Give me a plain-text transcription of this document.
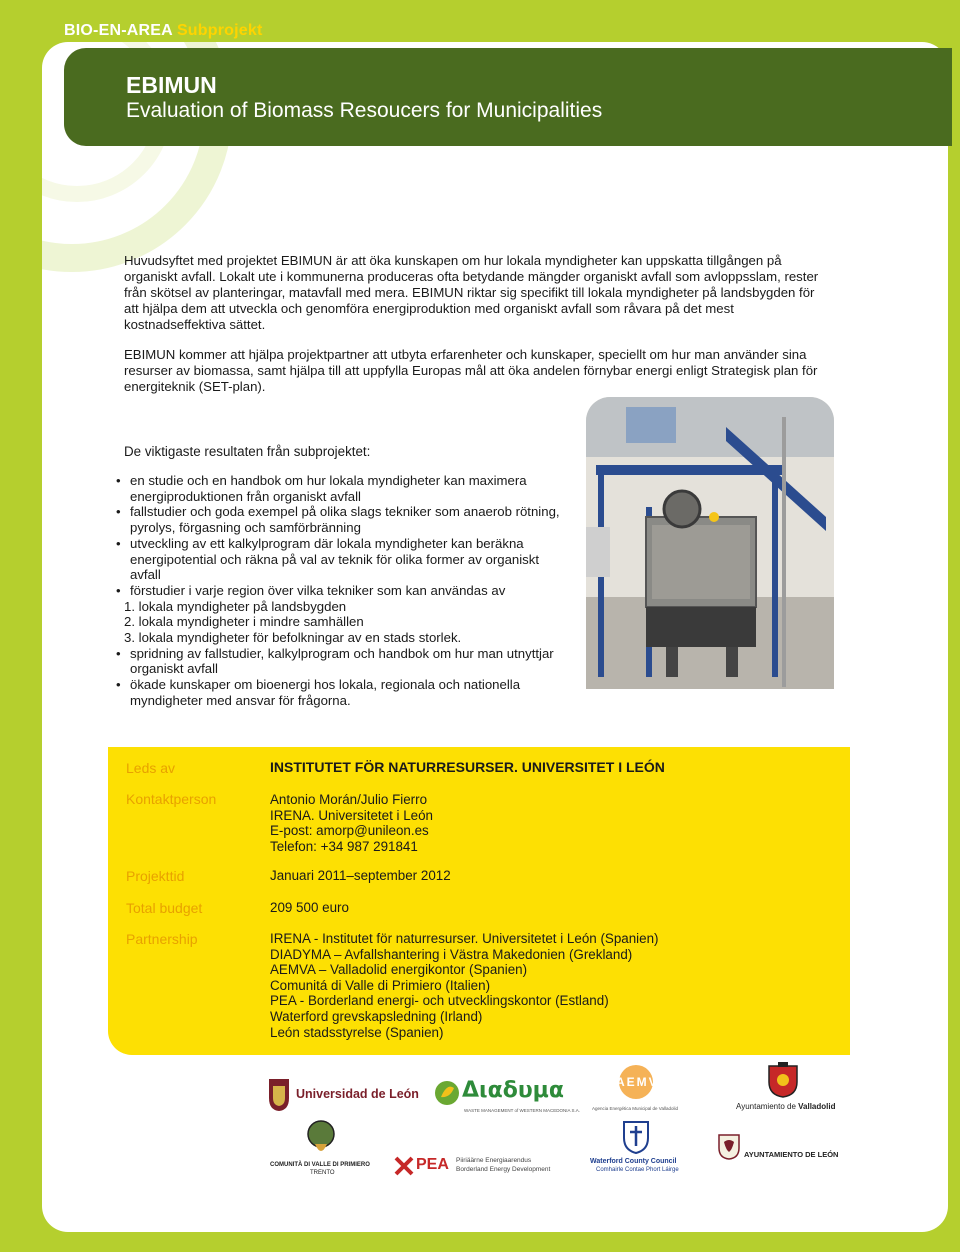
BIO-EN-AREA Subprojekt
EBIMUN
Evaluation of Biomass Resoucers for Municipalities

Huvudsyftet med projektet EBIMUN är att öka kunskapen om hur lokala myndigheter kan uppskatta tillgången på organiskt avfall. Lokalt ute i kommunerna produceras ofta betydande mängder organiskt avfall som avloppsslam, rester från skötsel av planteringar, matavfall med mera. EBIMUN riktar sig specifikt till lokala myndigheter på landsbygden för att hjälpa dem att utveckla och genomföra energiproduktion med organiskt avfall som råvara på det mest kostnadseffektiva sättet.

EBIMUN kommer att hjälpa projektpartner att utbyta erfarenheter och kunskaper, speciellt om hur man använder sina resurser av biomassa, samt hjälpa till att uppfylla Europas mål att öka andelen förnybar energi enligt Strategisk plan för energiteknik (SET-plan).

De viktigaste resultaten från subprojektet:
• en studie och en handbok om hur lokala myndigheter kan maximera energiproduktionen från organiskt avfall
• fallstudier och goda exempel på olika slags tekniker som anaerob rötning, pyrolys, förgasning och samförbränning
• utveckling av ett kalkylprogram där lokala myndigheter kan beräkna energipotential och räkna på val av teknik för olika former av organiskt avfall
• förstudier i varje region över vilka tekniker som kan användas av
1. lokala myndigheter på landsbygden
2. lokala myndigheter i mindre samhällen
3. lokala myndigheter för befolkningar av en stads storlek.
• spridning av fallstudier, kalkylprogram och handbok om hur man utnyttjar organiskt avfall
• ökade kunskaper om bioenergi hos lokala, regionala och nationella myndigheter med ansvar för frågorna.
Leds av	INSTITUTET FÖR NATURRESURSER. UNIVERSITET I LEÓN
Kontaktperson	Antonio Morán/Julio Fierro
IRENA. Universitetet i León
E-post: amorp@unileon.es
Telefon: +34 987 291841
Projekttid	Januari 2011–september 2012
Total budget	209 500 euro
Partnership	IRENA - Institutet för naturresurser. Universitetet i León (Spanien)
DIADYMA – Avfallshantering i Västra Makedonien (Grekland)
AEMVA – Valladolid energikontor (Spanien)
Comunitá di Valle di Primiero (Italien)
PEA - Borderland energi- och utvecklingskontor (Estland)
Waterford grevskapsledning (Irland)
León stadsstyrelse (Spanien)
Universidad de León Διαδυμα
WASTE MANAGEMENT of WESTERN MACEDONIA S.A.
AEMVA
Agencia Energética Municipal de Valladolid	Ayuntamiento de Valladolid
COMUNITÀ DI VALLE DI PRIMIERO
TRENTO	PEA Piiriäärne Energiaarendus
Borderland Energy Development
Waterford County Council
Comhairle Contae Phort Láirge
AYUNTAMIENTO DE LEÓN
